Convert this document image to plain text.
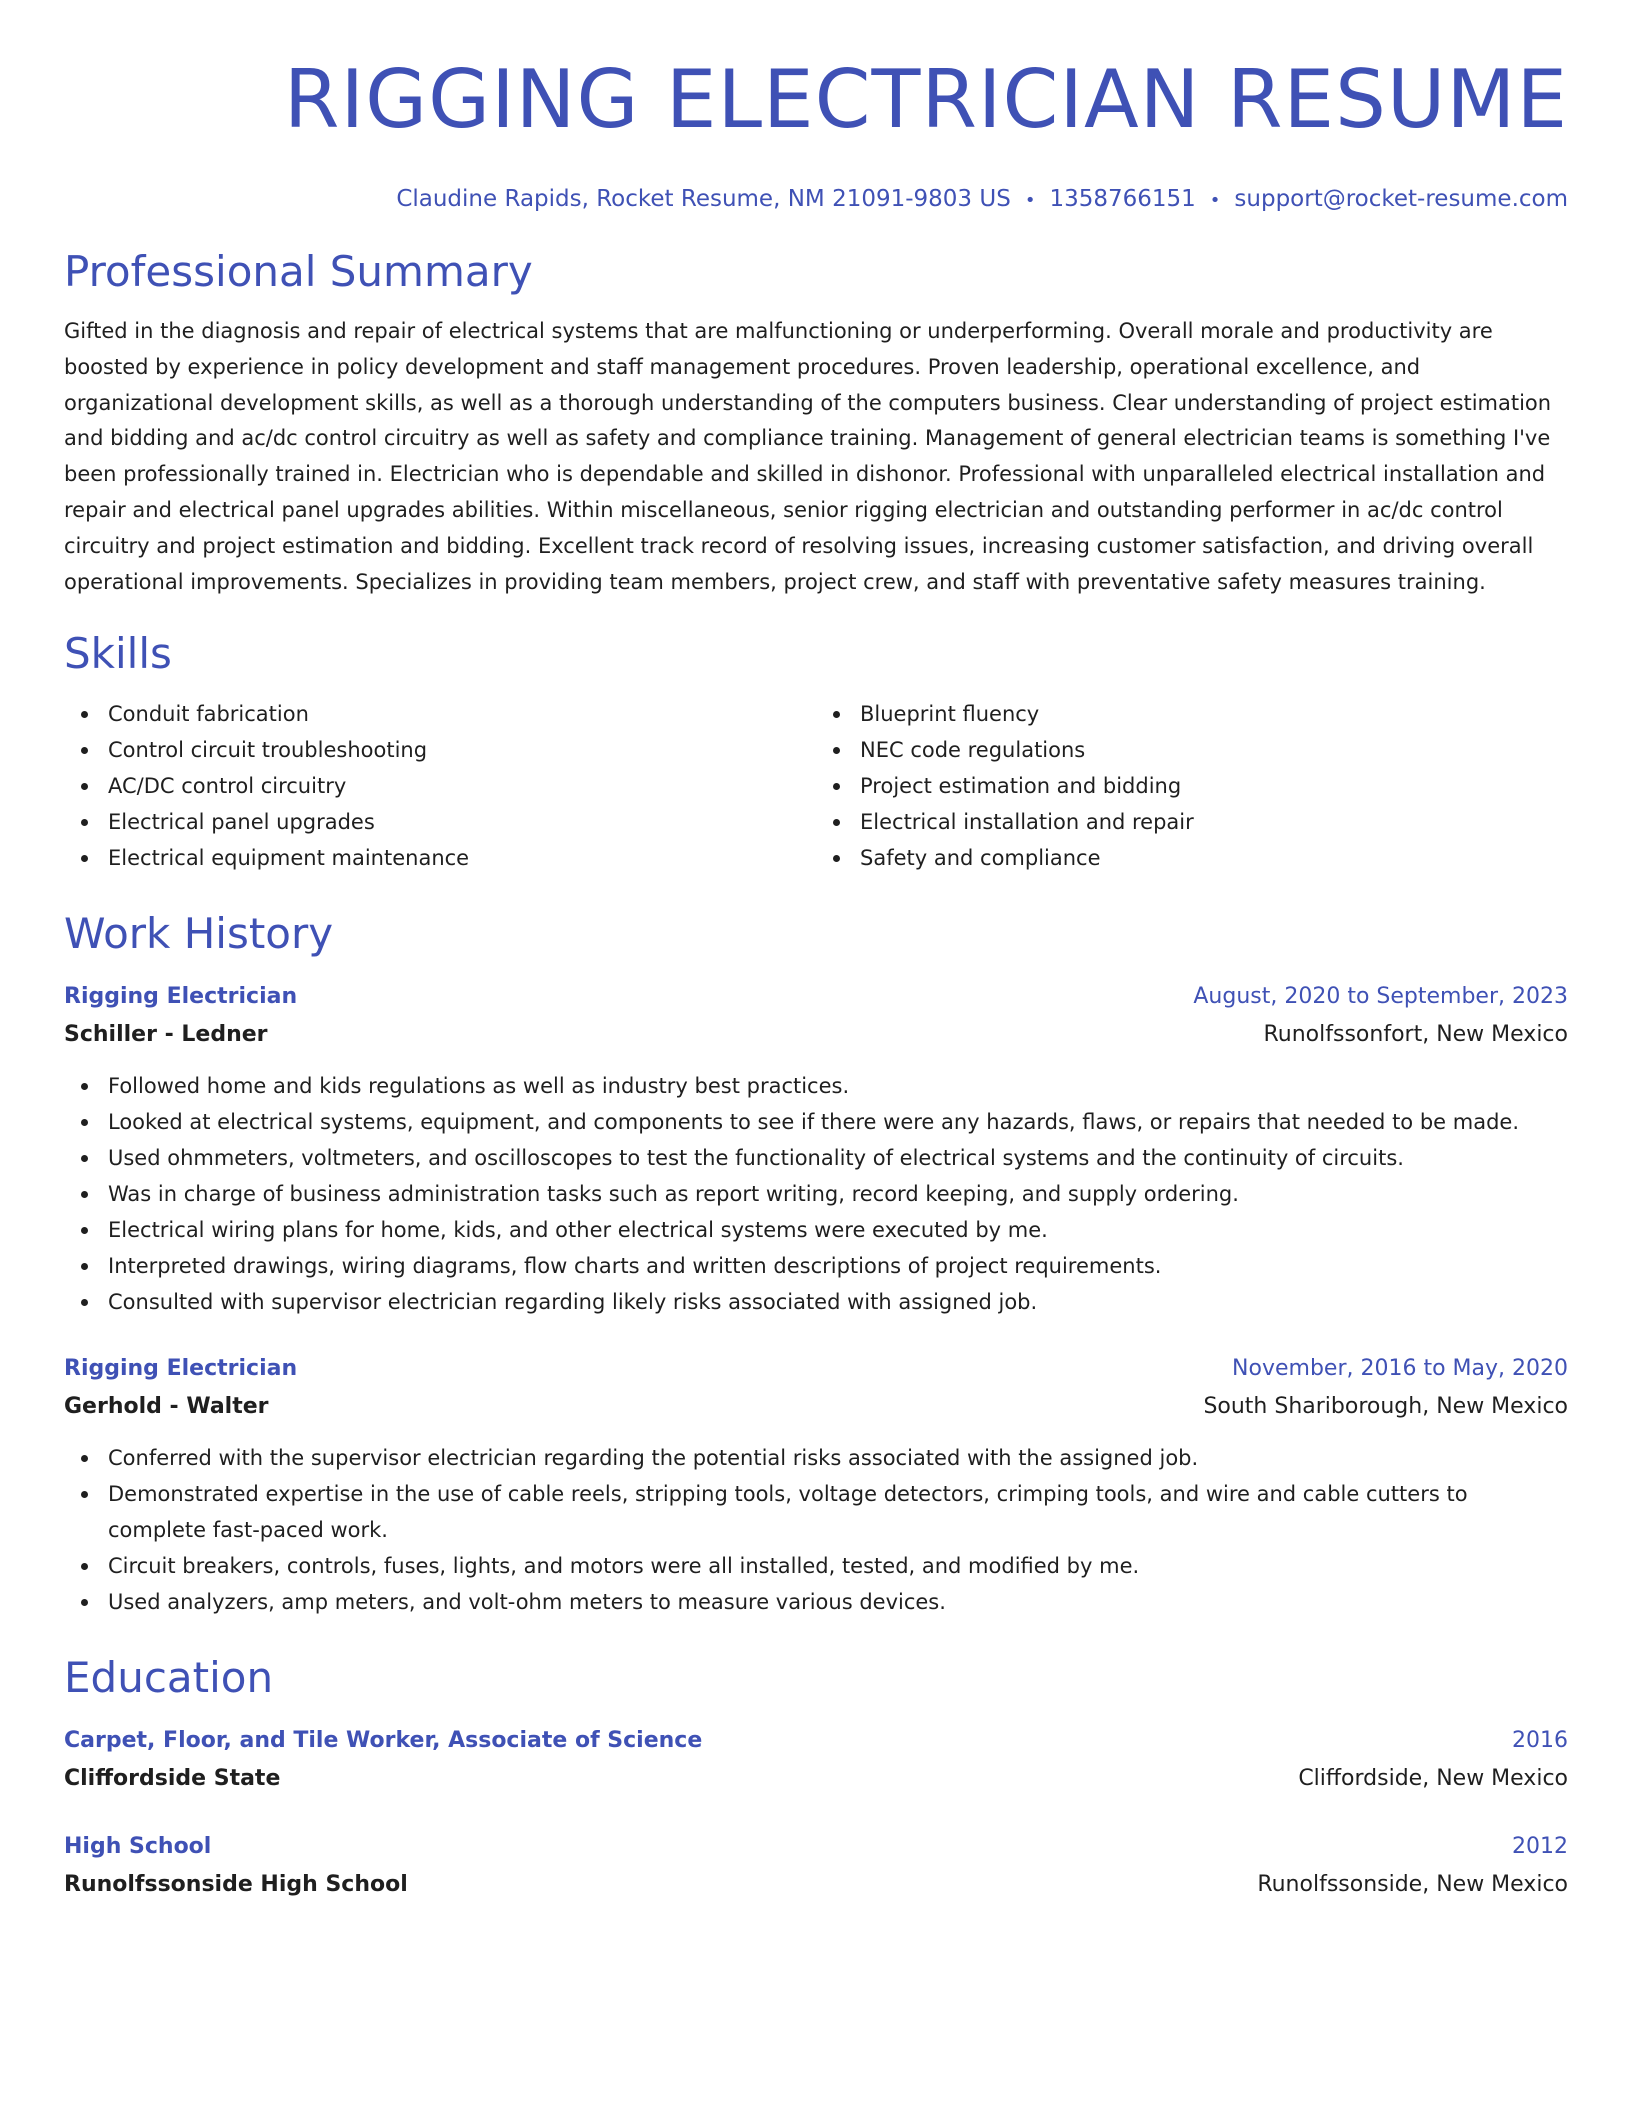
RIGGING ELECTRICIAN RESUME
Claudine Rapids, Rocket Resume, NM 21091-9803 US • 1358766151 • support@rocket-resume.com
Professional Summary

Gifted in the diagnosis and repair of electrical systems that are malfunctioning or underperforming. Overall morale and productivity are boosted by experience in policy development and staff management procedures. Proven leadership, operational excellence, and organizational development skills, as well as a thorough understanding of the computers business. Clear understanding of project estimation and bidding and ac/dc control circuitry as well as safety and compliance training. Management of general electrician teams is something I've been professionally trained in. Electrician who is dependable and skilled in dishonor. Professional with unparalleled electrical installation and repair and electrical panel upgrades abilities. Within miscellaneous, senior rigging electrician and outstanding performer in ac/dc control circuitry and project estimation and bidding. Excellent track record of resolving issues, increasing customer satisfaction, and driving overall operational improvements. Specializes in providing team members, project crew, and staff with preventative safety measures training.

Skills
Conduit fabrication
Control circuit troubleshooting
AC/DC control circuitry
Electrical panel upgrades
Electrical equipment maintenance
Blueprint fluency
NEC code regulations
Project estimation and bidding
Electrical installation and repair
Safety and compliance
Work History
Rigging Electrician	August, 2020 to September, 2023
Schiller - Ledner	Runolfssonfort, New Mexico
Followed home and kids regulations as well as industry best practices.
Looked at electrical systems, equipment, and components to see if there were any hazards, flaws, or repairs that needed to be made.
Used ohmmeters, voltmeters, and oscilloscopes to test the functionality of electrical systems and the continuity of circuits.
Was in charge of business administration tasks such as report writing, record keeping, and supply ordering.
Electrical wiring plans for home, kids, and other electrical systems were executed by me.
Interpreted drawings, wiring diagrams, flow charts and written descriptions of project requirements.
Consulted with supervisor electrician regarding likely risks associated with assigned job.
Rigging Electrician	November, 2016 to May, 2020
Gerhold - Walter	South Shariborough, New Mexico
Conferred with the supervisor electrician regarding the potential risks associated with the assigned job.
Demonstrated expertise in the use of cable reels, stripping tools, voltage detectors, crimping tools, and wire and cable cutters to complete fast-paced work.
Circuit breakers, controls, fuses, lights, and motors were all installed, tested, and modified by me.
Used analyzers, amp meters, and volt-ohm meters to measure various devices.
Education
Carpet, Floor, and Tile Worker, Associate of Science	2016
Cliffordside State	Cliffordside, New Mexico
High School	2012
Runolfssonside High School	Runolfssonside, New Mexico
